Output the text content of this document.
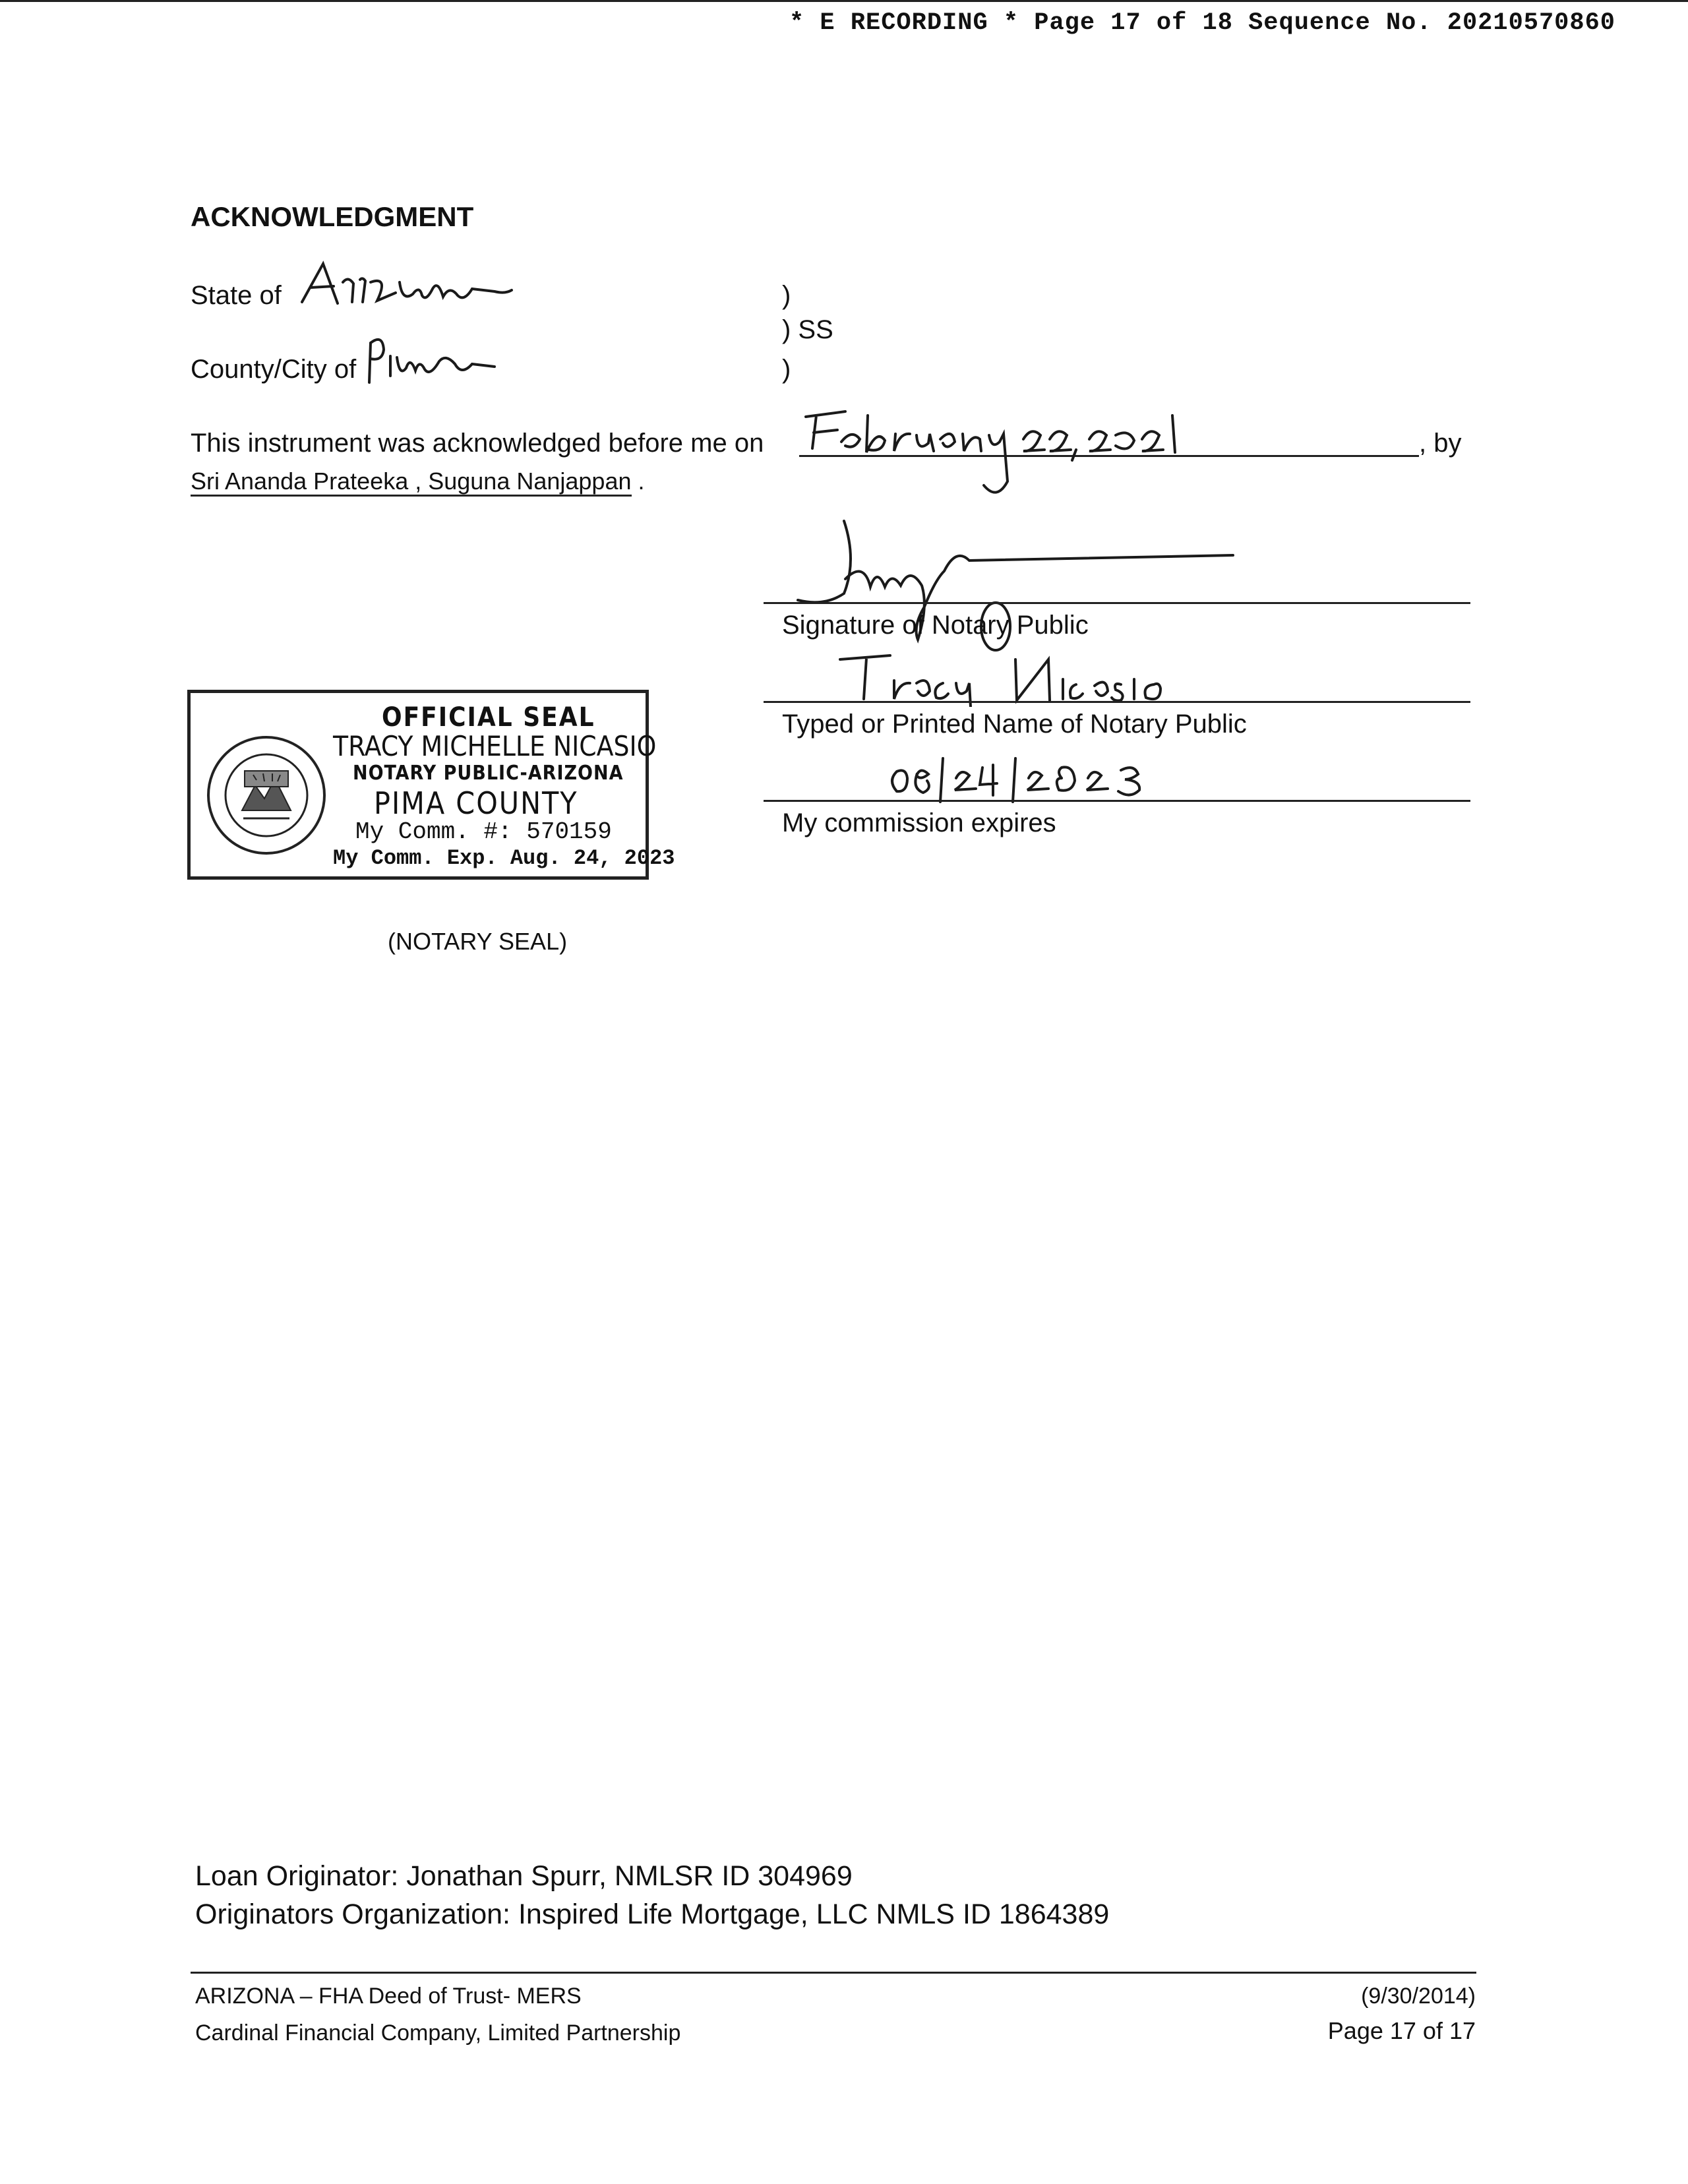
* E RECORDING * Page 17 of 18 Sequence No. 20210570860
ACKNOWLEDGMENT
State of	)
) SS
)
County/City of
This instrument was acknowledged before me on	, by
Sri Ananda Prateeka , Suguna Nanjappan .
Signature of Notary Public
Typed or Printed Name of Notary Public
My commission expires
OFFICIAL SEAL
TRACY MICHELLE NICASIO
NOTARY PUBLIC-ARIZONA
PIMA COUNTY
My Comm. #: 570159
My Comm. Exp. Aug. 24, 2023
(NOTARY SEAL)
Loan Originator: Jonathan Spurr, NMLSR ID 304969
Originators Organization: Inspired Life Mortgage, LLC NMLS ID 1864389
ARIZONA – FHA Deed of Trust- MERS	(9/30/2014)
Cardinal Financial Company, Limited Partnership	Page 17 of 17
